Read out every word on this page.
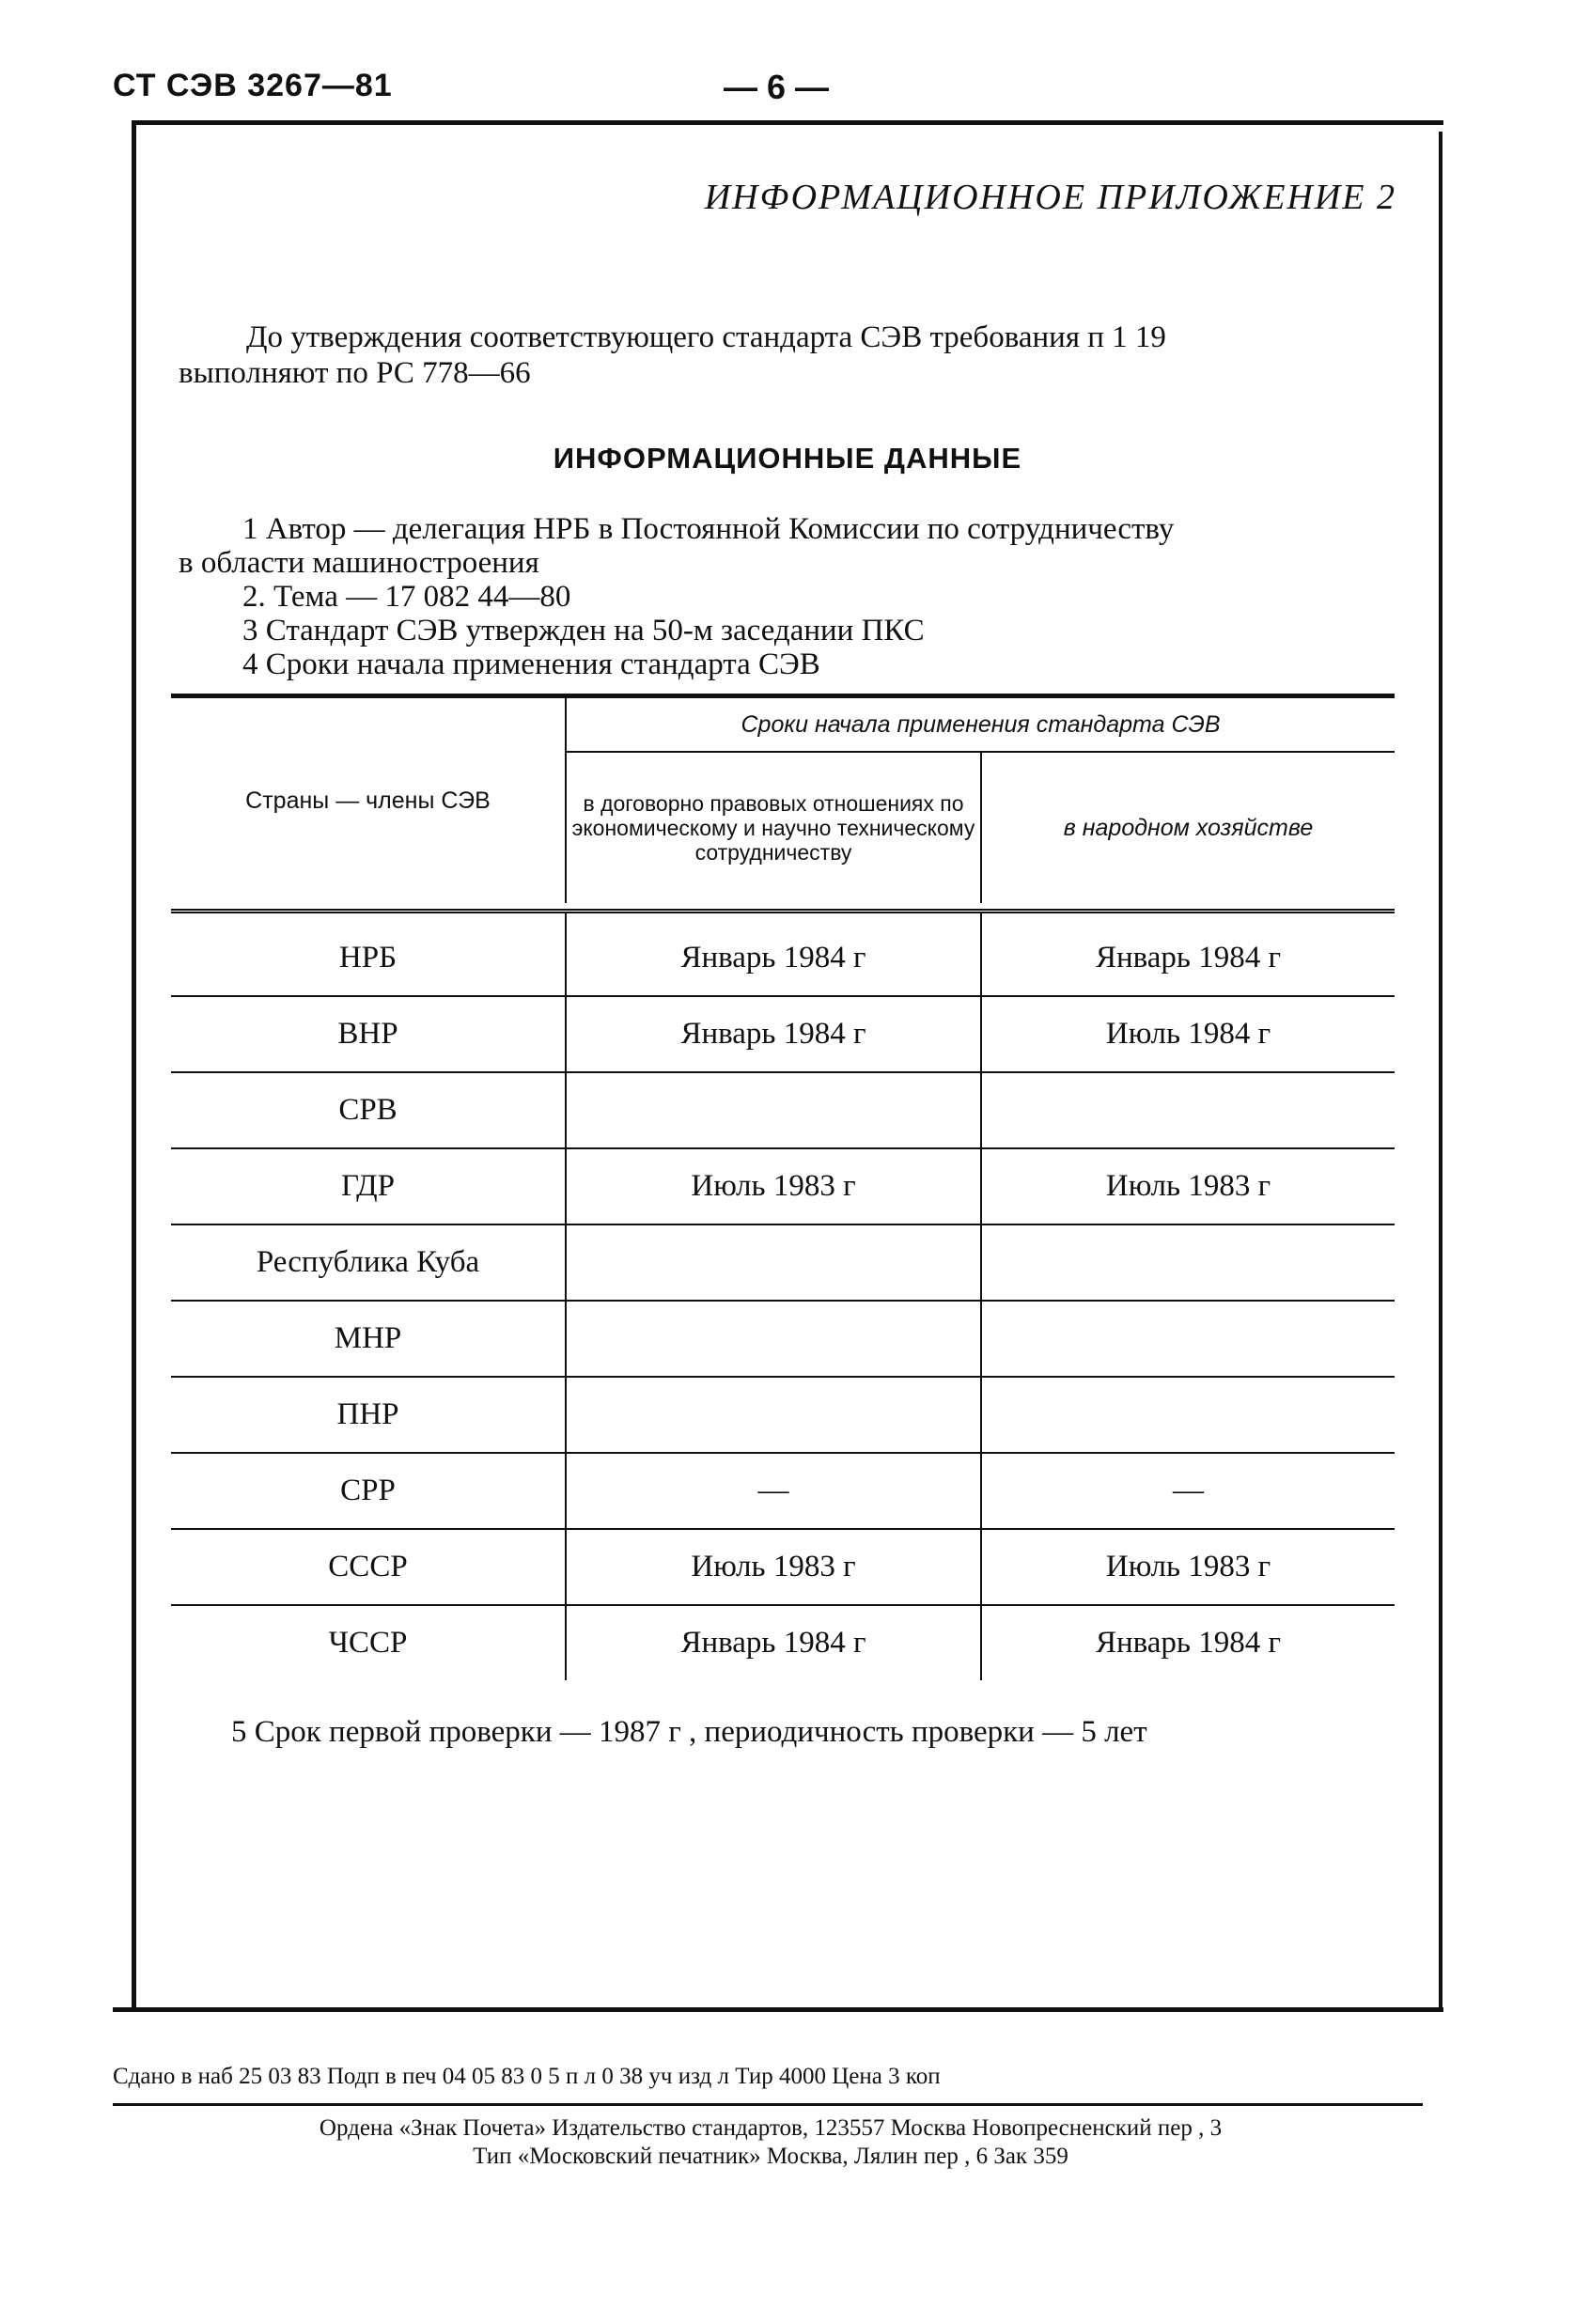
СТ СЭВ 3267—81	— 6 —
ИНФОРМАЦИОННОЕ ПРИЛОЖЕНИЕ 2
До утверждения соответствующего стандарта СЭВ требования п 1 19
выполняют по РС 778—66
ИНФОРМАЦИОННЫЕ ДАННЫЕ
1 Автор — делегация НРБ в Постоянной Комиссии по сотрудничеству
в области машиностроения
2. Тема — 17 082 44—80
3 Стандарт СЭВ утвержден на 50-м заседании ПКС
4 Сроки начала применения стандарта СЭВ
Страны — члены СЭВ	Сроки начала применения стандарта СЭВ	
	в договорно правовых отношениях по экономическому и научно техническому сотрудничеству	в народном хозяйстве

НРБ	Январь 1984 г	Январь 1984 г
ВНР	Январь 1984 г	Июль 1984 г
СРВ		
ГДР	Июль 1983 г	Июль 1983 г
Республика Куба		
МНР		
ПНР		
СРР	—	—
СССР	Июль 1983 г	Июль 1983 г
ЧССР	Январь 1984 г	Январь 1984 г
5 Срок первой проверки — 1987 г , периодичность проверки — 5 лет
Сдано в наб 25 03 83 Подп в печ 04 05 83 0 5 п л 0 38 уч изд л Тир 4000 Цена 3 коп
Ордена «Знак Почета» Издательство стандартов, 123557 Москва Новопресненский пер , 3
Тип «Московский печатник» Москва, Лялин пер , 6 Зак 359
